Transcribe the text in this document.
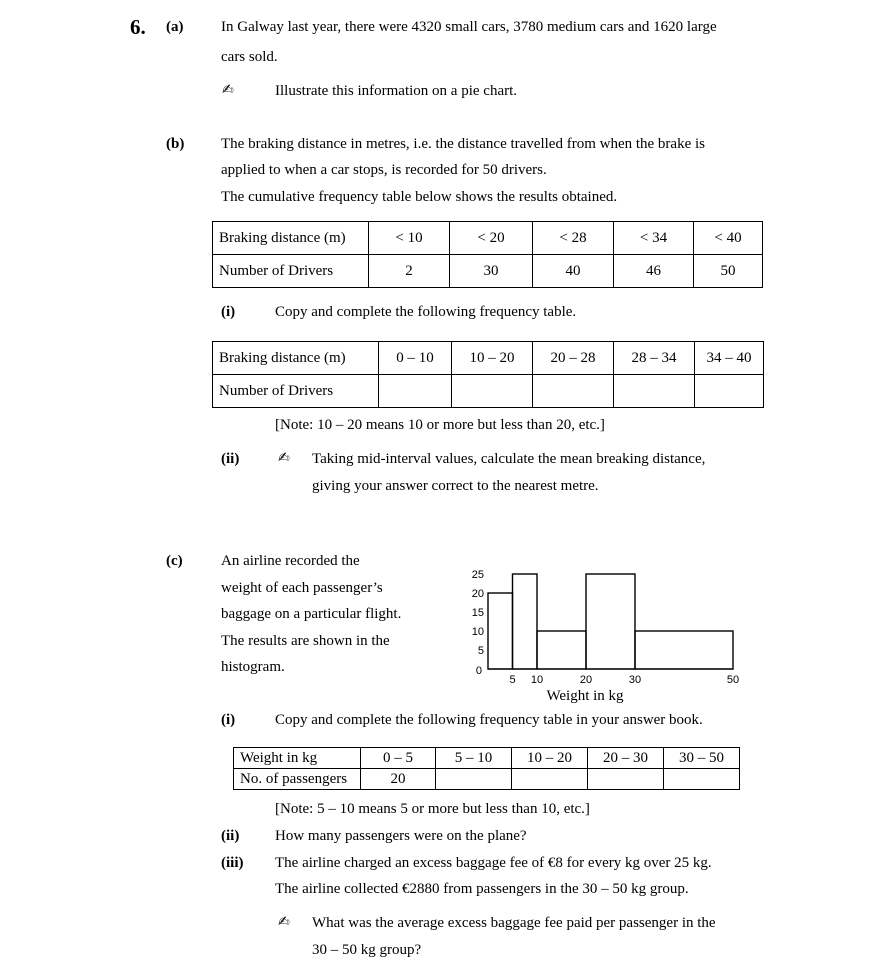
6. (a)	In Galway last year, there were 4320 small cars, 3780 medium cars and 1620 large
cars sold.
✍	Illustrate this information on a pie chart.
(b) The braking distance in metres, i.e. the distance travelled from when the brake is
applied to when a car stops, is recorded for 50 drivers.
The cumulative frequency table below shows the results obtained.
Braking distance (m)	< 10	< 20	< 28	< 34	< 40
Number of Drivers	2	30	40	46	50
(i)	Copy and complete the following frequency table.
Braking distance (m)	0 – 10	10 – 20	20 – 28	28 – 34	34 – 40
Number of Drivers					
[Note: 10 – 20 means 10 or more but less than 20, etc.]
(ii)	✍ Taking mid-interval values, calculate the mean breaking distance,
giving your answer correct to the nearest metre.
(c)	An airline recorded the
weight of each passenger’s
baggage on a particular flight.
The results are shown in the
histogram.
5
10
15
20
25
0
5 10	20	30	50
Weight in kg
(i)	Copy and complete the following frequency table in your answer book.
Weight in kg	0 – 5	5 – 10	10 – 20	20 – 30	30 – 50
No. of passengers	20				
[Note: 5 – 10 means 5 or more but less than 10, etc.]
(ii) How many passengers were on the plane?
(iii) The airline charged an excess baggage fee of €8 for every kg over 25 kg.
The airline collected €2880 from passengers in the 30 – 50 kg group.
✍ What was the average excess baggage fee paid per passenger in the
30 – 50 kg group?
